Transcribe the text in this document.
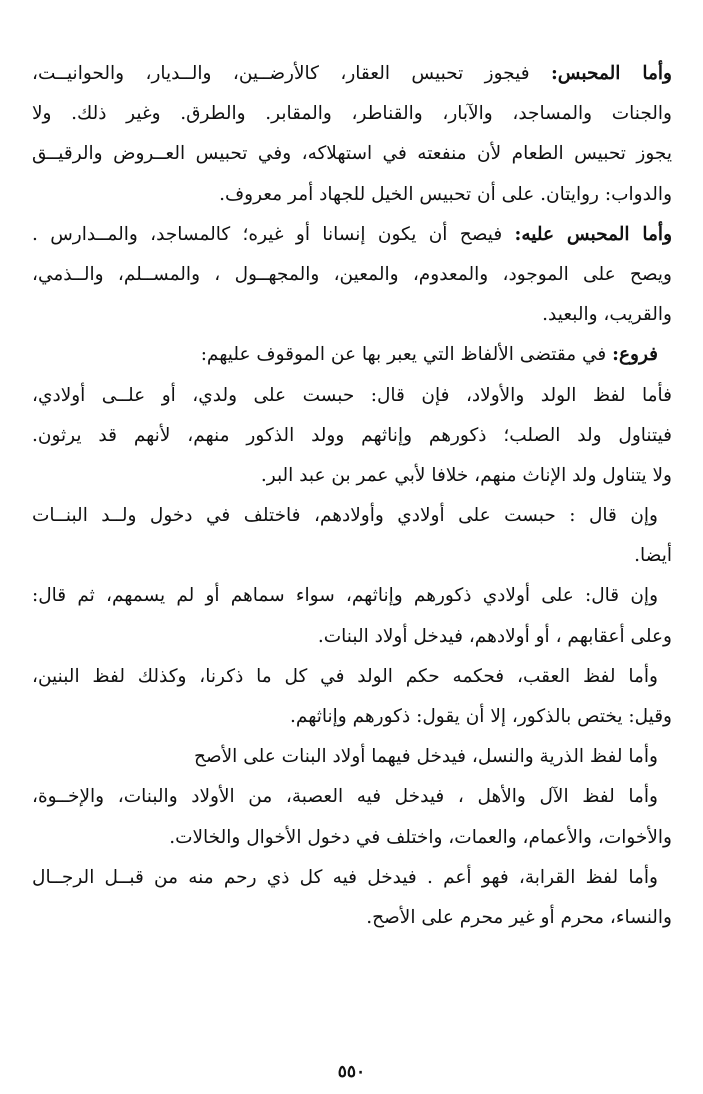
وأما المحبس: فيجوز تحبيس العقار، كالأرضــين، والــديار، والحوانيــت،
والجنات والمساجد، والآبار، والقناطر، والمقابر. والطرق. وغير ذلك. ولا
يجوز تحبيس الطعام لأن منفعته في استهلاكه، وفي تحبيس العــروض والرقيــق
والدواب: روايتان. على أن تحبيس الخيل للجهاد أمر معروف.
وأما المحبس عليه: فيصح أن يكون إنسانا أو غيره؛ كالمساجد، والمــدارس .
ويصح على الموجود، والمعدوم، والمعين، والمجهــول ، والمســلم، والــذمي،
والقريب، والبعيد.
فروع: في مقتضى الألفاظ التي يعبر بها عن الموقوف عليهم:
فأما لفظ الولد والأولاد، فإن قال: حبست على ولدي، أو علــى أولادي،
فيتناول ولد الصلب؛ ذكورهم وإناثهم وولد الذكور منهم، لأنهم قد يرثون.
ولا يتناول ولد الإناث منهم، خلافا لأبي عمر بن عبد البر.
وإن قال : حبست على أولادي وأولادهم، فاختلف في دخول ولــد البنــات
أيضا.
وإن قال: على أولادي ذكورهم وإناثهم، سواء سماهم أو لم يسمهم، ثم قال:
وعلى أعقابهم ، أو أولادهم، فيدخل أولاد البنات.
وأما لفظ العقب، فحكمه حكم الولد في كل ما ذكرنا، وكذلك لفظ البنين،
وقيل: يختص بالذكور، إلا أن يقول: ذكورهم وإناثهم.
وأما لفظ الذرية والنسل، فيدخل فيهما أولاد البنات على الأصح
وأما لفظ الآل والأهل ، فيدخل فيه العصبة، من الأولاد والبنات، والإخــوة،
والأخوات، والأعمام، والعمات، واختلف في دخول الأخوال والخالات.
وأما لفظ القرابة، فهو أعم . فيدخل فيه كل ذي رحم منه من قبــل الرجــال
والنساء، محرم أو غير محرم على الأصح.
٥٥٠
